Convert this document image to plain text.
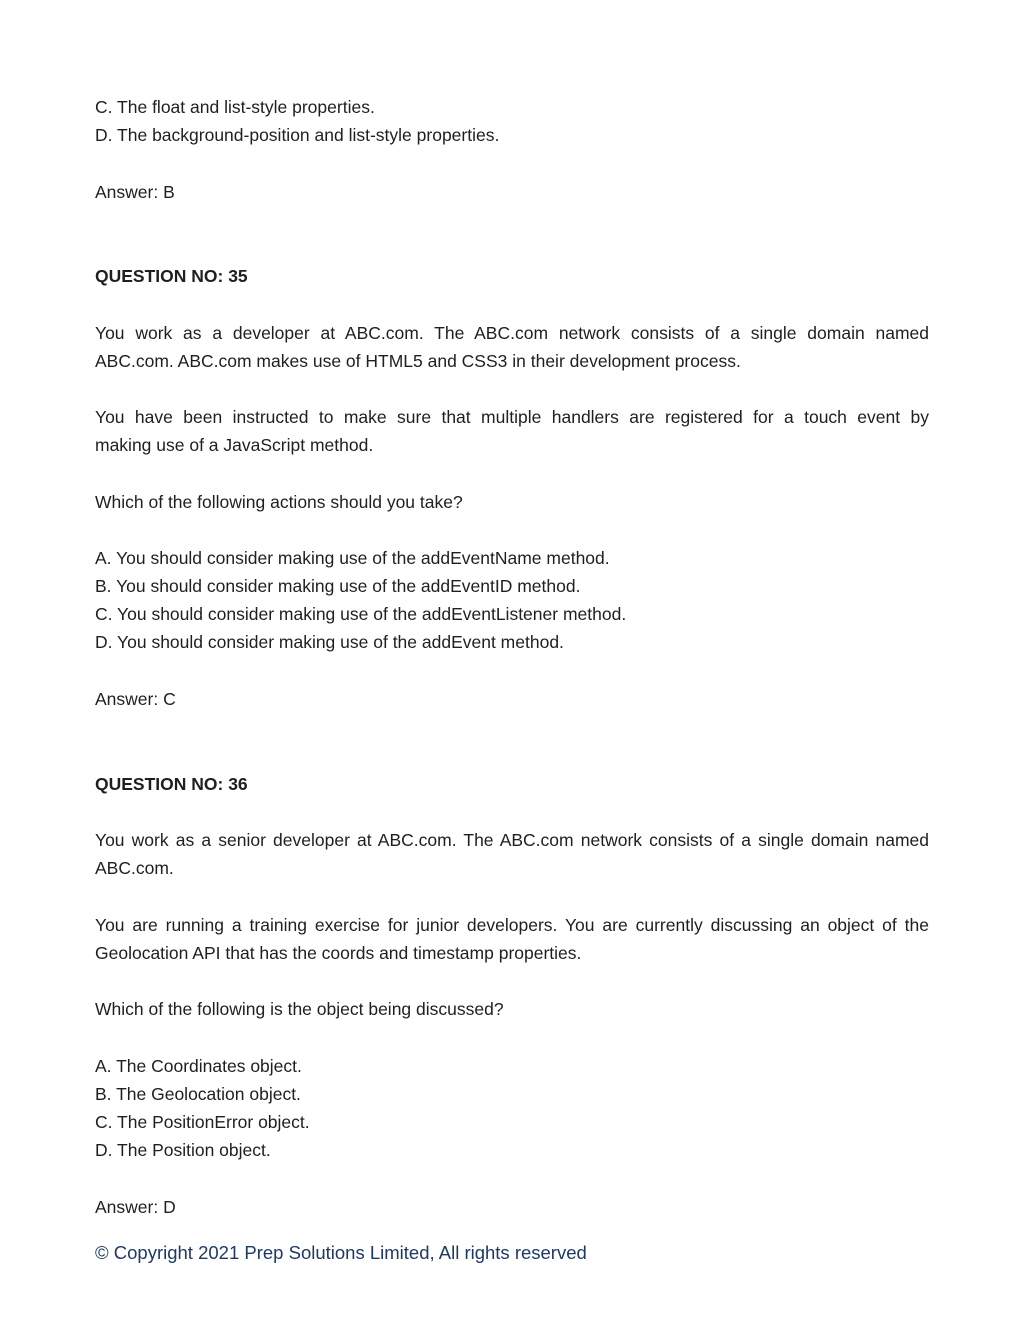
C. The float and list-style properties.
D. The background-position and list-style properties.
Answer: B
QUESTION NO: 35
You work as a developer at ABC.com. The ABC.com network consists of a single domain named
ABC.com. ABC.com makes use of HTML5 and CSS3 in their development process.
You have been instructed to make sure that multiple handlers are registered for a touch event by
making use of a JavaScript method.
Which of the following actions should you take?
A. You should consider making use of the addEventName method.
B. You should consider making use of the addEventID method.
C. You should consider making use of the addEventListener method.
D. You should consider making use of the addEvent method.
Answer: C
QUESTION NO: 36
You work as a senior developer at ABC.com. The ABC.com network consists of a single domain named
ABC.com.
You are running a training exercise for junior developers. You are currently discussing an object of the
Geolocation API that has the coords and timestamp properties.
Which of the following is the object being discussed?
A. The Coordinates object.
B. The Geolocation object.
C. The PositionError object.
D. The Position object.
Answer: D
© Copyright 2021 Prep Solutions Limited, All rights reserved
